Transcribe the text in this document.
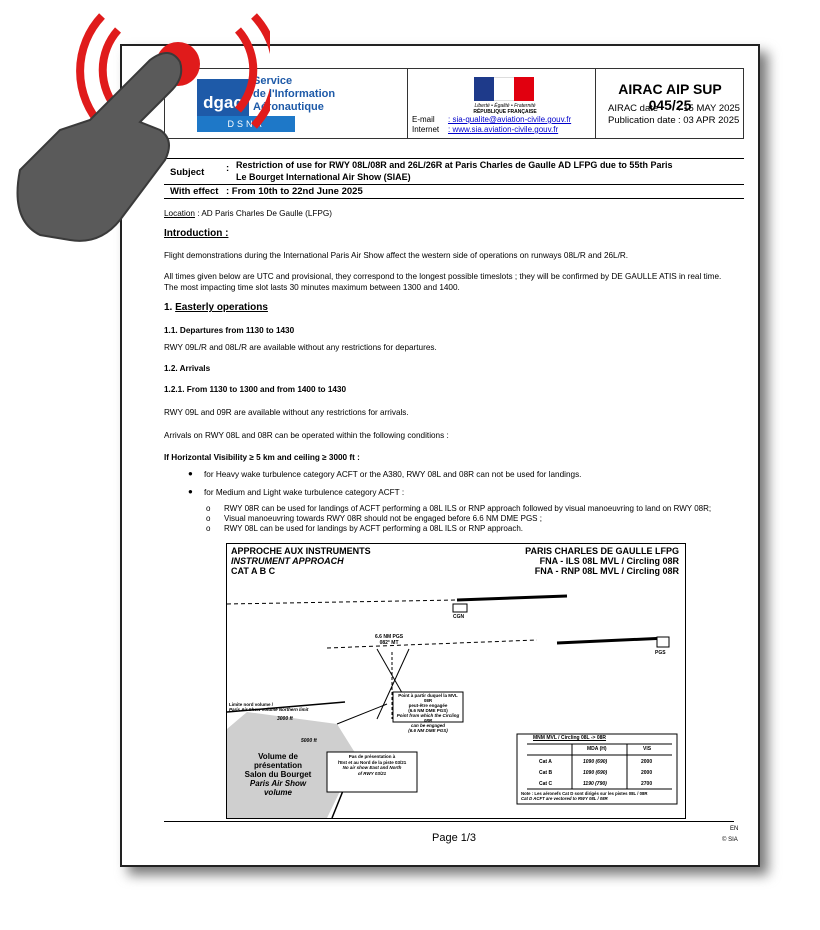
dgac
DSNA
Service
de l'Information
Aéronautique	Liberté • Égalité • Fraternité
RÉPUBLIQUE FRANÇAISE
E-mail : sia-qualite@aviation-civile.gouv.fr
Internet : www.sia.aviation-civile.gouv.fr
AIRAC AIP SUP 045/25
AIRAC date : 15 MAY 2025
Publication date : 03 APR 2025
Subject : Restriction of use for RWY 08L/08R and 26L/26R at Paris Charles de Gaulle AD LFPG due to 55th Paris
Le Bourget International Air Show (SIAE)
With effect : From 10th to 22nd June 2025
Location : AD Paris Charles De Gaulle (LFPG)
Introduction :
Flight demonstrations during the International Paris Air Show affect the western side of operations on runways 08L/R and 26L/R.
All times given below are UTC and provisional, they correspond to the longest possible timeslots ; they will be confirmed by DE GAULLE ATIS in real time.
The most impacting time slot lasts 30 minutes maximum between 1300 and 1400.
1. Easterly operations
1.1. Departures from 1130 to 1430
RWY 09L/R and 08L/R are available without any restrictions for departures.
1.2. Arrivals
1.2.1. From 1130 to 1300 and from 1400 to 1430
RWY 09L and 09R are available without any restrictions for arrivals.
Arrivals on RWY 08L and 08R can be operated within the following conditions :
If Horizontal Visibility ≥ 5 km and ceiling ≥ 3000 ft :
● for Heavy wake turbulence category ACFT or the A380, RWY 08L and 08R can not be used for landings.
● for Medium and Light wake turbulence category ACFT :
o RWY 08R can be used for landings of ACFT performing a 08L ILS or RNP approach followed by visual manoeuvring to land on RWY 08R;
o Visual manoeuvring towards RWY 08R should not be engaged before 6.6 NM DME PGS ;
o RWY 08L can be used for landings by ACFT performing a 08L ILS or RNP approach.
APPROCHE AUX INSTRUMENTS
INSTRUMENT APPROACH
CAT A B C
PARIS CHARLES DE GAULLE LFPG
FNA - ILS 08L MVL / Circling 08R
FNA - RNP 08L MVL / Circling 08R
CGN
PGS
6.6 NM PGS
082° MT
Point à partir duquel la MVL 08R
peut-être engagée
(6.6 NM DME PGS)
Point from which the Circling 08R
can be engaged
(6.6 NM DME PGS)
Limite nord volume /
Paris Air Show volume Northern limit
3000 ft
5000 ft
Volume de présentation
Salon du Bourget
Paris Air Show
volume
Pas de présentation à
l'Est et au Nord de la piste 03/21
No air show East and North
of RWY 03/21
MNM MVL / Circling 08L -> 08R
MDA (H)	VIS
Cat A
Cat B
Cat C
1090 (690)
1090 (690)
1190 (790)
2000
2000
2700
Note : Les aéronefs Cat D sont dirigés sur les pistes 08L / 08R
Cat D ACFT are vectored to RWY 08L / 08R
Page 1/3
EN
© SIA
